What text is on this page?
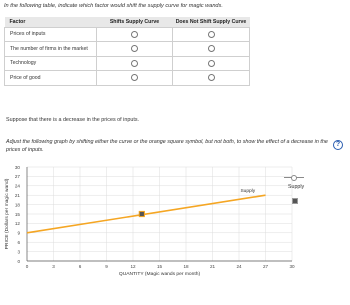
In the following table, indicate which factor would shift the supply curve for magic wands.
Factor	Shifts Supply Curve	Does Not Shift Supply Curve
Prices of inputs		
The number of firms in the market		
Technology		
Price of good		
Suppose that there is a decrease in the prices of inputs.
Adjust the following graph by shifting either the curve or the orange square symbol, but not both, to show the effect of a decrease in the prices of inputs.
?
0
3
6
9
12
15
18
21
24
27
30
0	3	6	9	12	15	18	21	24	27	30
Supply
QUANTITY (Magic wands per month)
PRICE (Dollars per magic wand)	Supply
